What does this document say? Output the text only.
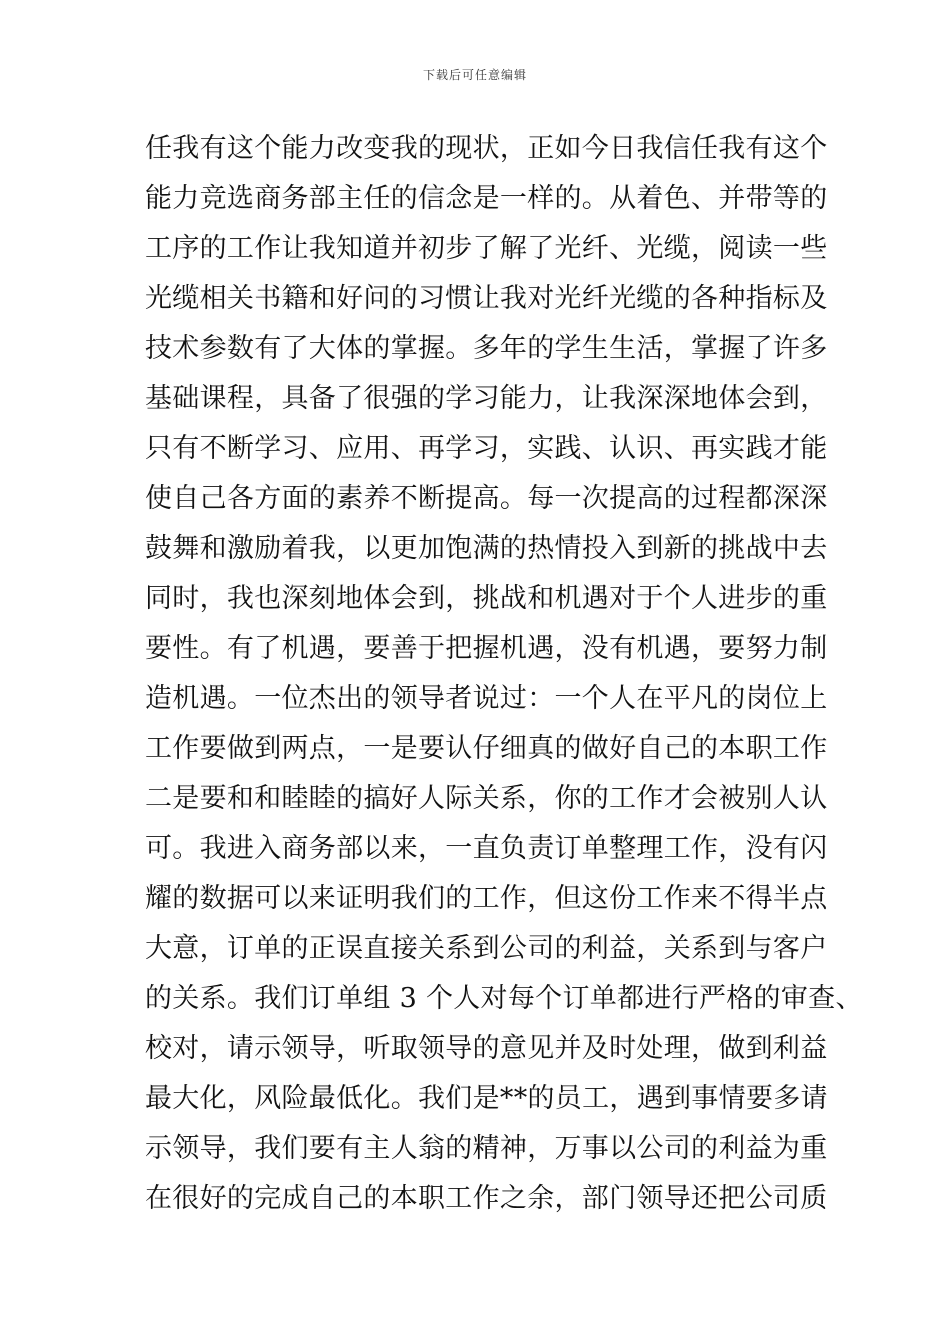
下载后可任意编辑
任我有这个能力改变我的现状，正如今日我信任我有这个
能力竞选商务部主任的信念是一样的。从着色、并带等的
工序的工作让我知道并初步了解了光纤、光缆，阅读一些
光缆相关书籍和好问的习惯让我对光纤光缆的各种指标及
技术参数有了大体的掌握。多年的学生生活，掌握了许多
基础课程，具备了很强的学习能力，让我深深地体会到，
只有不断学习、应用、再学习，实践、认识、再实践才能
使自己各方面的素养不断提高。每一次提高的过程都深深
鼓舞和激励着我，以更加饱满的热情投入到新的挑战中去
同时，我也深刻地体会到，挑战和机遇对于个人进步的重
要性。有了机遇，要善于把握机遇，没有机遇，要努力制
造机遇。一位杰出的领导者说过：一个人在平凡的岗位上
工作要做到两点，一是要认仔细真的做好自己的本职工作
二是要和和睦睦的搞好人际关系，你的工作才会被别人认
可。我进入商务部以来，一直负责订单整理工作，没有闪
耀的数据可以来证明我们的工作，但这份工作来不得半点
大意，订单的正误直接关系到公司的利益，关系到与客户
的关系。我们订单组 3 个人对每个订单都进行严格的审查、
校对，请示领导，听取领导的意见并及时处理，做到利益
最大化，风险最低化。我们是**的员工，遇到事情要多请
示领导，我们要有主人翁的精神，万事以公司的利益为重
在很好的完成自己的本职工作之余，部门领导还把公司质
